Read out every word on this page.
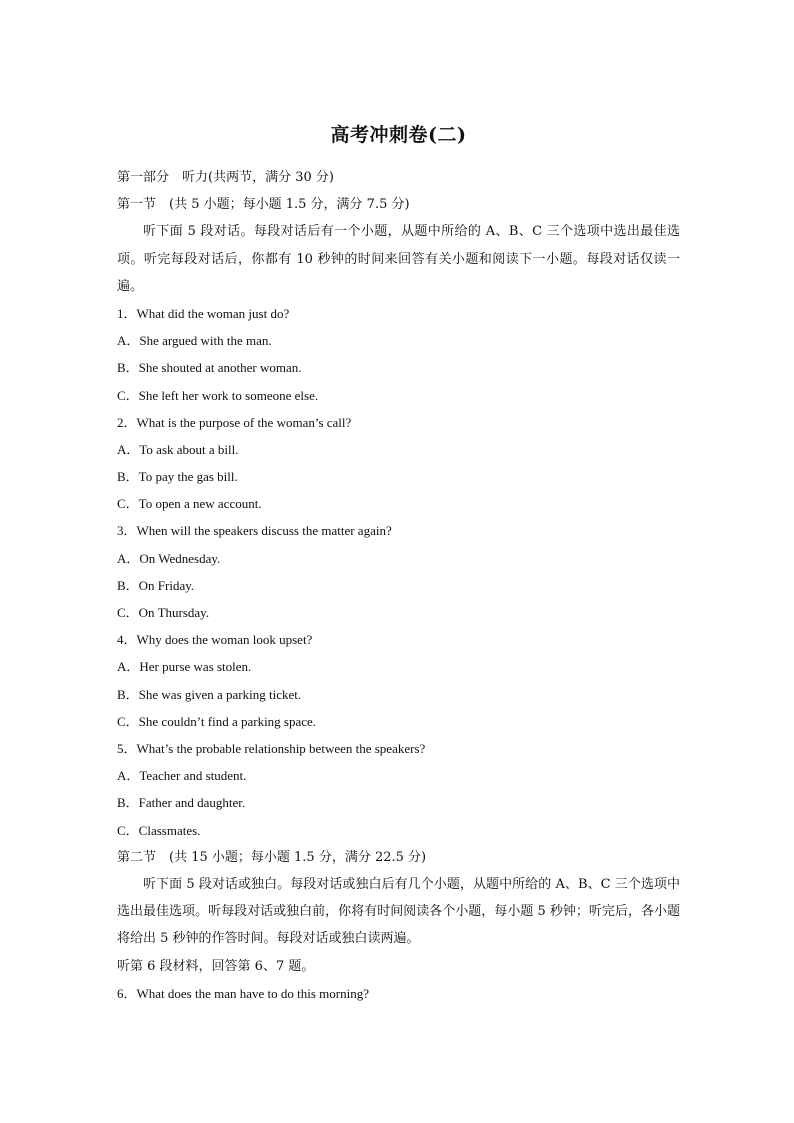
高考冲刺卷(二)
第一部分　听力(共两节，满分 30 分)
第一节　(共 5 小题；每小题 1.5 分，满分 7.5 分)

听下面 5 段对话。每段对话后有一个小题，从题中所给的 A、B、C 三个选项中选出最佳选项。听完每段对话后，你都有 10 秒钟的时间来回答有关小题和阅读下一小题。每段对话仅读一遍。

1．What did the woman just do?
A．She argued with the man.
B．She shouted at another woman.
C．She left her work to someone else.
2．What is the purpose of the woman’s call?
A．To ask about a bill.
B．To pay the gas bill.
C．To open a new account.
3．When will the speakers discuss the matter again?
A．On Wednesday.
B．On Friday.
C．On Thursday.
4．Why does the woman look upset?
A．Her purse was stolen.
B．She was given a parking ticket.
C．She couldn’t find a parking space.
5．What’s the probable relationship between the speakers?
A．Teacher and student.
B．Father and daughter.
C．Classmates.
第二节　(共 15 小题；每小题 1.5 分，满分 22.5 分)

听下面 5 段对话或独白。每段对话或独白后有几个小题，从题中所给的 A、B、C 三个选项中选出最佳选项。听每段对话或独白前，你将有时间阅读各个小题，每小题 5 秒钟；听完后，各小题将给出 5 秒钟的作答时间。每段对话或独白读两遍。

听第 6 段材料，回答第 6、7 题。
6．What does the man have to do this morning?
